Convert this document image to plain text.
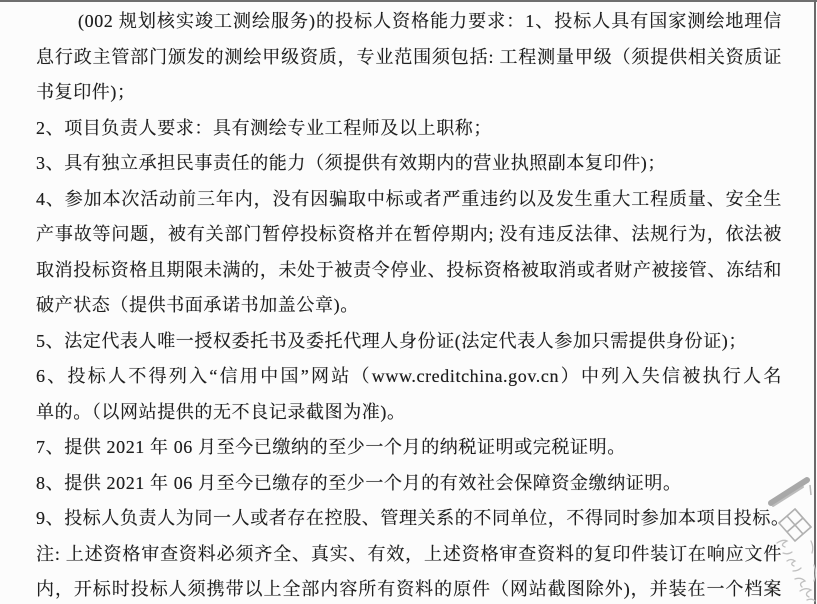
(002 规划核实竣工测绘服务)的投标人资格能力要求：1、投标人具有国家测绘地理信
息行政主管部门颁发的测绘甲级资质，专业范围须包括: 工程测量甲级（须提供相关资质证
书复印件)；
2、项目负责人要求：具有测绘专业工程师及以上职称；
3、具有独立承担民事责任的能力（须提供有效期内的营业执照副本复印件)；
4、参加本次活动前三年内，没有因骗取中标或者严重违约以及发生重大工程质量、安全生
产事故等问题，被有关部门暂停投标资格并在暂停期内; 没有违反法律、法规行为，依法被
取消投标资格且期限未满的，未处于被责令停业、投标资格被取消或者财产被接管、冻结和
破产状态（提供书面承诺书加盖公章)。
5、法定代表人唯一授权委托书及委托代理人身份证(法定代表人参加只需提供身份证)；
6、投标人不得列入“信用中国”网站（www.creditchina.gov.cn）中列入失信被执行人名
单的。（以网站提供的无不良记录截图为准)。
7、提供 2021 年 06 月至今已缴纳的至少一个月的纳税证明或完税证明。
8、提供 2021 年 06 月至今已缴存的至少一个月的有效社会保障资金缴纳证明。
9、投标人负责人为同一人或者存在控股、管理关系的不同单位，不得同时参加本项目投标。
注: 上述资格审查资料必须齐全、真实、有效，上述资格审查资料的复印件装订在响应文件
内，开标时投标人须携带以上全部内容所有资料的原件（网站截图除外)，并装在一个档案
